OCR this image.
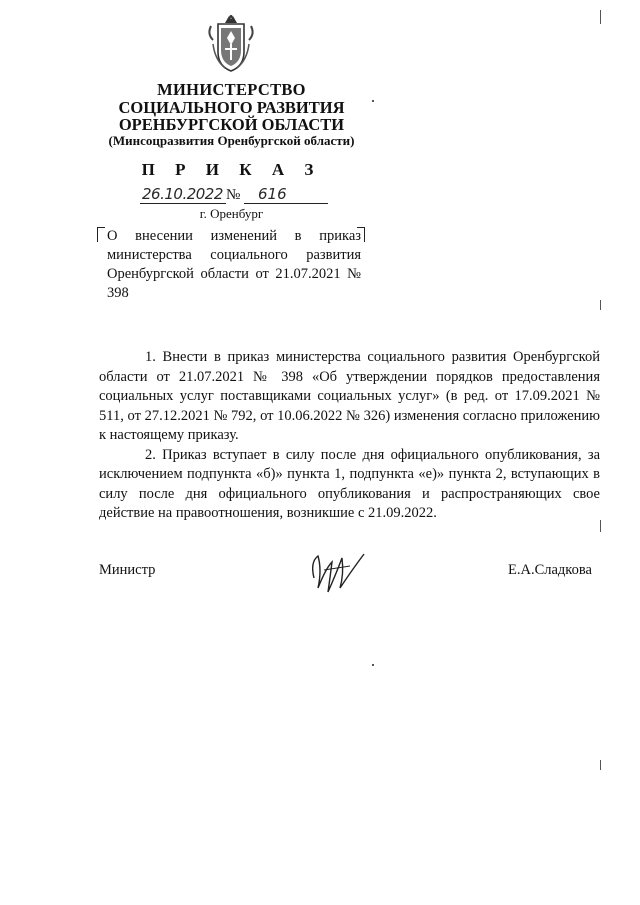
МИНИСТЕРСТВО
СОЦИАЛЬНОГО РАЗВИТИЯ
ОРЕНБУРГСКОЙ ОБЛАСТИ
(Минсоцразвития Оренбургской области)
П Р И К А З
26.10.2022 № 616
г. Оренбург
О внесении изменений в приказ министерства социального развития Оренбургской области от 21.07.2021 № 398

1. Внести в приказ министерства социального развития Оренбургской области от 21.07.2021 № 398 «Об утверждении порядков предоставления социальных услуг поставщиками социальных услуг» (в ред. от 17.09.2021 № 511, от 27.12.2021 № 792, от 10.06.2022 № 326) изменения согласно приложению к настоящему приказу.

2. Приказ вступает в силу после дня официального опубликования, за исключением подпункта «б)» пункта 1, подпункта «е)» пункта 2, вступающих в силу после дня официального опубликования и распространяющих свое действие на правоотношения, возникшие с 21.09.2022.

Министр	Е.А.Сладкова
